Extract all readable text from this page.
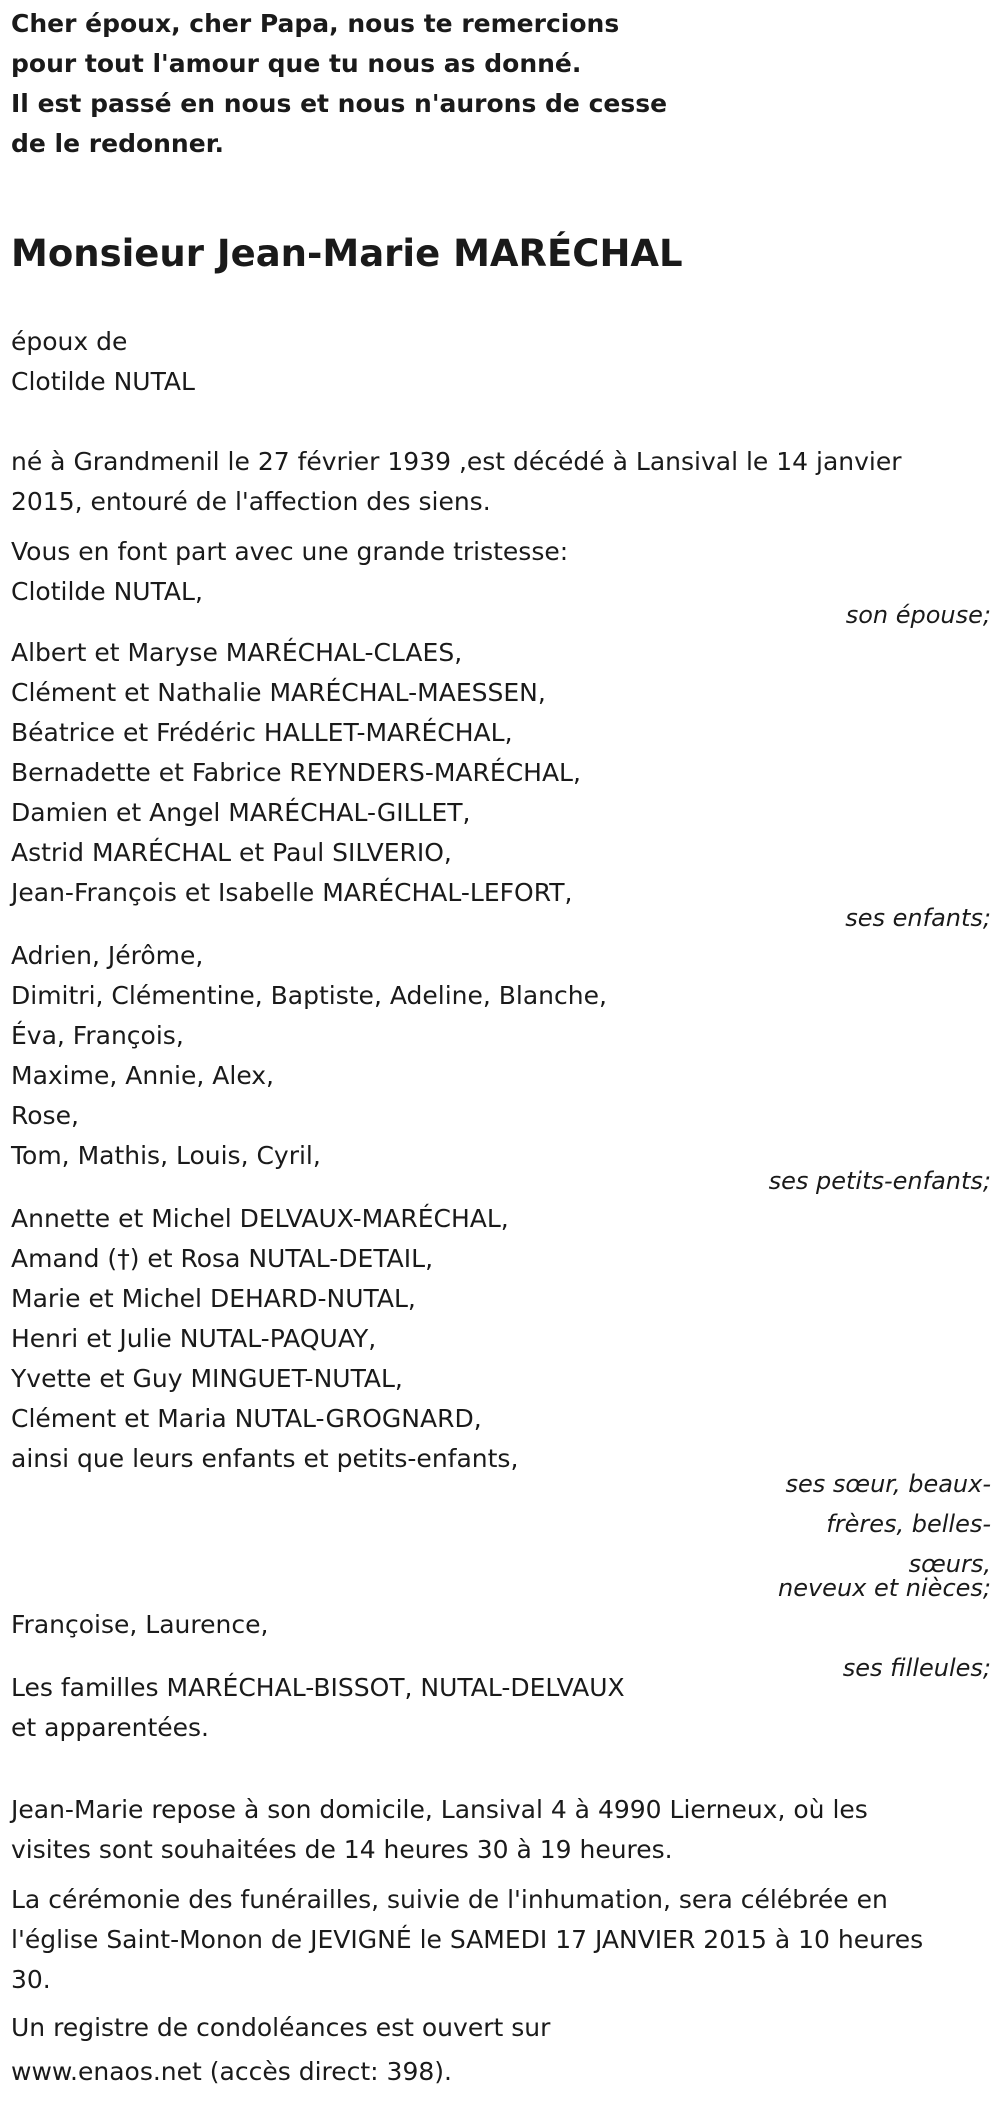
Cher époux, cher Papa, nous te remercions
pour tout l'amour que tu nous as donné.
Il est passé en nous et nous n'aurons de cesse
de le redonner.
Monsieur Jean-Marie MARÉCHAL
époux de
Clotilde NUTAL
né à Grandmenil le 27 février 1939 ,est décédé à Lansival le 14 janvier
2015, entouré de l'affection des siens.
Vous en font part avec une grande tristesse:
Clotilde NUTAL,
son épouse;
Albert et Maryse MARÉCHAL-CLAES,
Clément et Nathalie MARÉCHAL-MAESSEN,
Béatrice et Frédéric HALLET-MARÉCHAL,
Bernadette et Fabrice REYNDERS-MARÉCHAL,
Damien et Angel MARÉCHAL-GILLET,
Astrid MARÉCHAL et Paul SILVERIO,
Jean-François et Isabelle MARÉCHAL-LEFORT,
ses enfants;
Adrien, Jérôme,
Dimitri, Clémentine, Baptiste, Adeline, Blanche,
Éva, François,
Maxime, Annie, Alex,
Rose,
Tom, Mathis, Louis, Cyril,
ses petits-enfants;
Annette et Michel DELVAUX-MARÉCHAL,
Amand (†) et Rosa NUTAL-DETAIL,
Marie et Michel DEHARD-NUTAL,
Henri et Julie NUTAL-PAQUAY,
Yvette et Guy MINGUET-NUTAL,
Clément et Maria NUTAL-GROGNARD,
ainsi que leurs enfants et petits-enfants,
ses sœur, beaux-
frères, belles-
sœurs,
neveux et nièces;
Françoise, Laurence,
ses filleules;
Les familles MARÉCHAL-BISSOT, NUTAL-DELVAUX
et apparentées.
Jean-Marie repose à son domicile, Lansival 4 à 4990 Lierneux, où les
visites sont souhaitées de 14 heures 30 à 19 heures.
La cérémonie des funérailles, suivie de l'inhumation, sera célébrée en
l'église Saint-Monon de JEVIGNÉ le SAMEDI 17 JANVIER 2015 à 10 heures
30.
Un registre de condoléances est ouvert sur
www.enaos.net (accès direct: 398).
